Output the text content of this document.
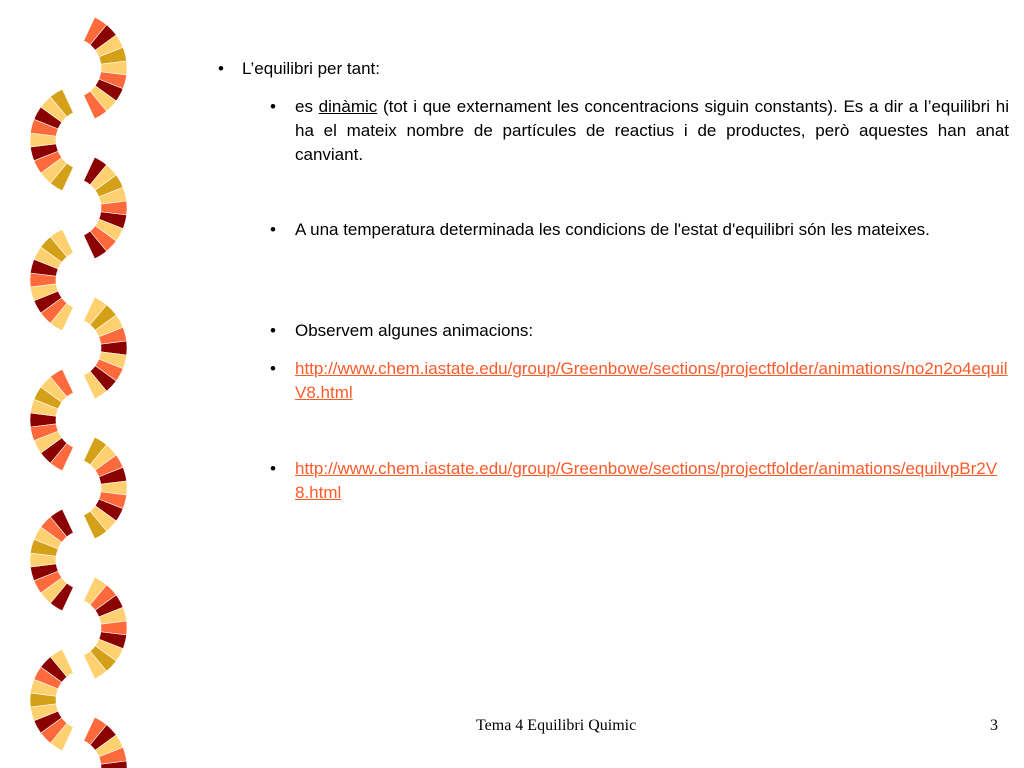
• L’equilibri per tant:
• es dinàmic (tot i que externament les concentracions siguin constants). Es a dir a l’equilibri hi ha el mateix nombre de partícules de reactius i de productes, però aquestes han anat canviant.
• A una temperatura determinada les condicions de l'estat d'equilibri són les mateixes.
• Observem algunes animacions:
• http://www.chem.iastate.edu/group/Greenbowe/sections/projectfolder/animations/no2n2o4equilV8.html
• http://www.chem.iastate.edu/group/Greenbowe/sections/projectfolder/animations/equilvpBr2V8.html
Tema 4 Equilibri Quimic	3
